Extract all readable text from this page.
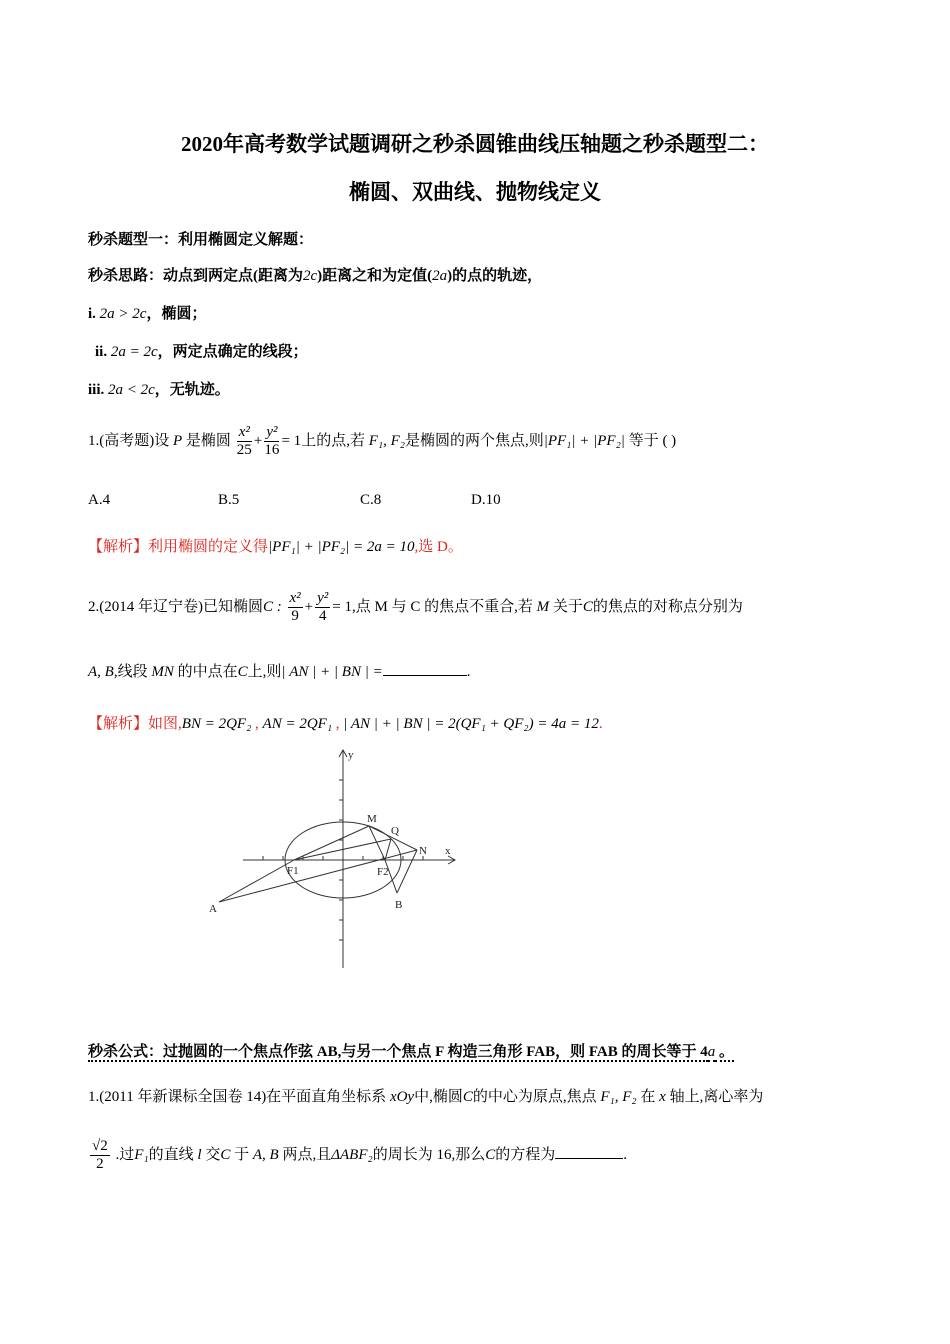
2020年高考数学试题调研之秒杀圆锥曲线压轴题之秒杀题型二：
椭圆、双曲线、抛物线定义
秒杀题型一：利用椭圆定义解题：
秒杀思路：动点到两定点(距离为2c)距离之和为定值(2a)的点的轨迹，
i. 2a > 2c，椭圆；
ii. 2a = 2c，两定点确定的线段；
iii. 2a < 2c，无轨迹。
1.(高考题)设 P 是椭圆 $\frac{\text{x²}}{25} + \frac{\text{y²}}{16} = 1$上的点,若 F₁, F₂是椭圆的两个焦点,则|PF₁| + |PF₂| 等于 ( )
A.4	B.5	C.8	D.10
【解析】利用椭圆的定义得|PF₁| + |PF₂| = 2a = 10,选 D。
2.(2014 年辽宁卷)已知椭圆C : $\frac{\text{x²}}{9} + \frac{\text{y²}}{4} = 1$,点 M 与 C 的焦点不重合,若 M 关于C的焦点的对称点分别为
A, B,线段 MN 的中点在C上,则| AN | + | BN | =	.
【解析】如图,BN = 2QF₂ , AN = 2QF₁ , | AN | + | BN | = 2(QF₁ + QF₂) = 4a = 12.
y
x
M
Q
N
F1	F2
A	B
秒杀公式：过抛圆的一个焦点作弦 AB,与另一个焦点 F 构造三角形 FAB，则 FAB 的周长等于 4a 。
1.(2011 年新课标全国卷 14)在平面直角坐标系 xOy中,椭圆C的中心为原点,焦点 F₁, F₂ 在 x 轴上,离心率为
$\frac{√2}{2}$ .过F₁的直线 l 交C 于 A, B 两点,且ΔABF₂的周长为 16,那么C的方程为	.
